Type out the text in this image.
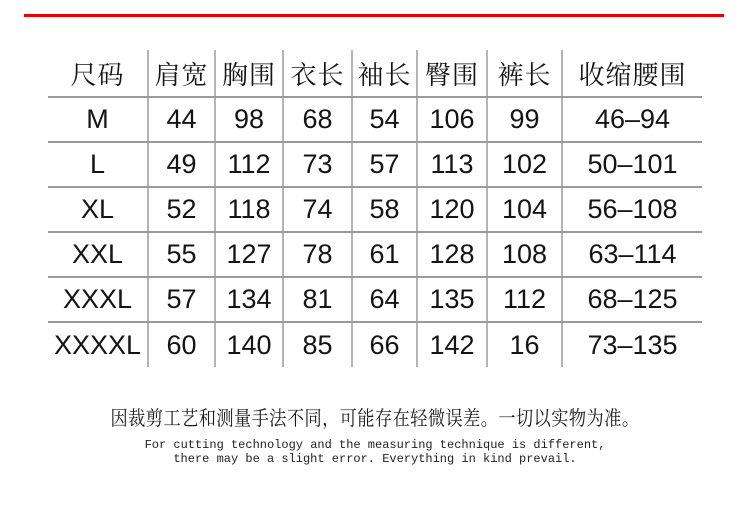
尺码	肩宽	胸围	衣长	袖长	臀围	裤长	收缩腰围
M	44	98	68	54	106	99	46–94
L	49	112	73	57	113	102	50–101
XL	52	118	74	58	120	104	56–108
XXL	55	127	78	61	128	108	63–114
XXXL	57	134	81	64	135	112	68–125
XXXXL	60	140	85	66	142	16	73–135
因裁剪工艺和测量手法不同，可能存在轻微误差。一切以实物为准。
For cutting technology and the measuring technique is different,
there may be a slight error. Everything in kind prevail.
